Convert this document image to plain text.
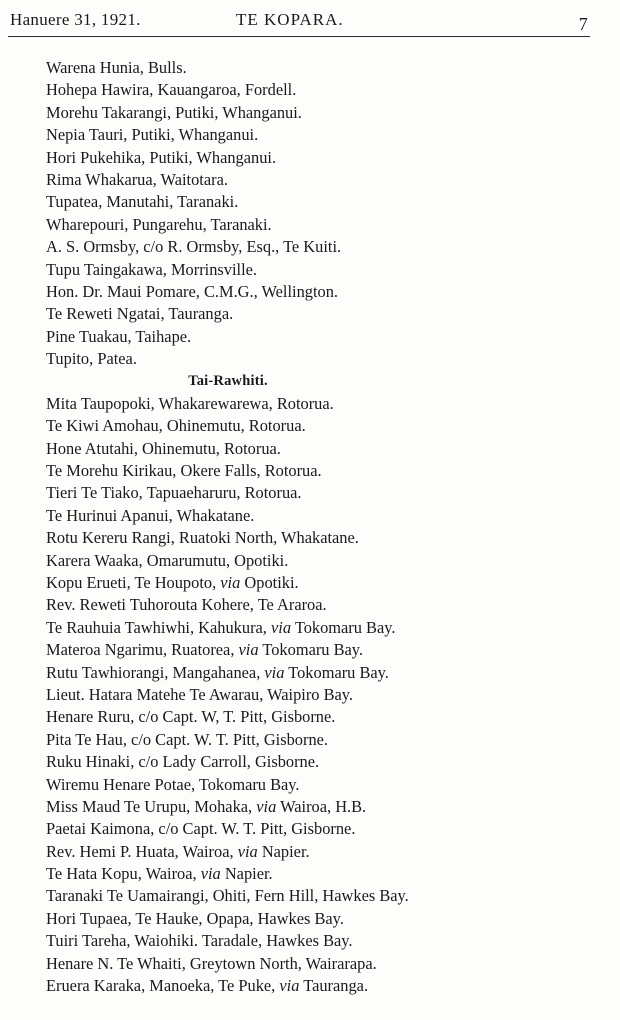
Hanuere 31, 1921.	TE KOPARA.	7
Warena Hunia, Bulls.
Hohepa Hawira, Kauangaroa, Fordell.
Morehu Takarangi, Putiki, Whanganui.
Nepia Tauri, Putiki, Whanganui.
Hori Pukehika, Putiki, Whanganui.
Rima Whakarua, Waitotara.
Tupatea, Manutahi, Taranaki.
Wharepouri, Pungarehu, Taranaki.
A. S. Ormsby, c/o R. Ormsby, Esq., Te Kuiti.
Tupu Taingakawa, Morrinsville.
Hon. Dr. Maui Pomare, C.M.G., Wellington.
Te Reweti Ngatai, Tauranga.
Pine Tuakau, Taihape.
Tupito, Patea.
Tai-Rawhiti.
Mita Taupopoki, Whakarewarewa, Rotorua.
Te Kiwi Amohau, Ohinemutu, Rotorua.
Hone Atutahi, Ohinemutu, Rotorua.
Te Morehu Kirikau, Okere Falls, Rotorua.
Tieri Te Tiako, Tapuaeharuru, Rotorua.
Te Hurinui Apanui, Whakatane.
Rotu Kereru Rangi, Ruatoki North, Whakatane.
Karera Waaka, Omarumutu, Opotiki.
Kopu Erueti, Te Houpoto, via Opotiki.
Rev. Reweti Tuhorouta Kohere, Te Araroa.
Te Rauhuia Tawhiwhi, Kahukura, via Tokomaru Bay.
Materoa Ngarimu, Ruatorea, via Tokomaru Bay.
Rutu Tawhiorangi, Mangahanea, via Tokomaru Bay.
Lieut. Hatara Matehe Te Awarau, Waipiro Bay.
Henare Ruru, c/o Capt. W, T. Pitt, Gisborne.
Pita Te Hau, c/o Capt. W. T. Pitt, Gisborne.
Ruku Hinaki, c/o Lady Carroll, Gisborne.
Wiremu Henare Potae, Tokomaru Bay.
Miss Maud Te Urupu, Mohaka, via Wairoa, H.B.
Paetai Kaimona, c/o Capt. W. T. Pitt, Gisborne.
Rev. Hemi P. Huata, Wairoa, via Napier.
Te Hata Kopu, Wairoa, via Napier.
Taranaki Te Uamairangi, Ohiti, Fern Hill, Hawkes Bay.
Hori Tupaea, Te Hauke, Opapa, Hawkes Bay.
Tuiri Tareha, Waiohiki. Taradale, Hawkes Bay.
Henare N. Te Whaiti, Greytown North, Wairarapa.
Eruera Karaka, Manoeka, Te Puke, via Tauranga.
